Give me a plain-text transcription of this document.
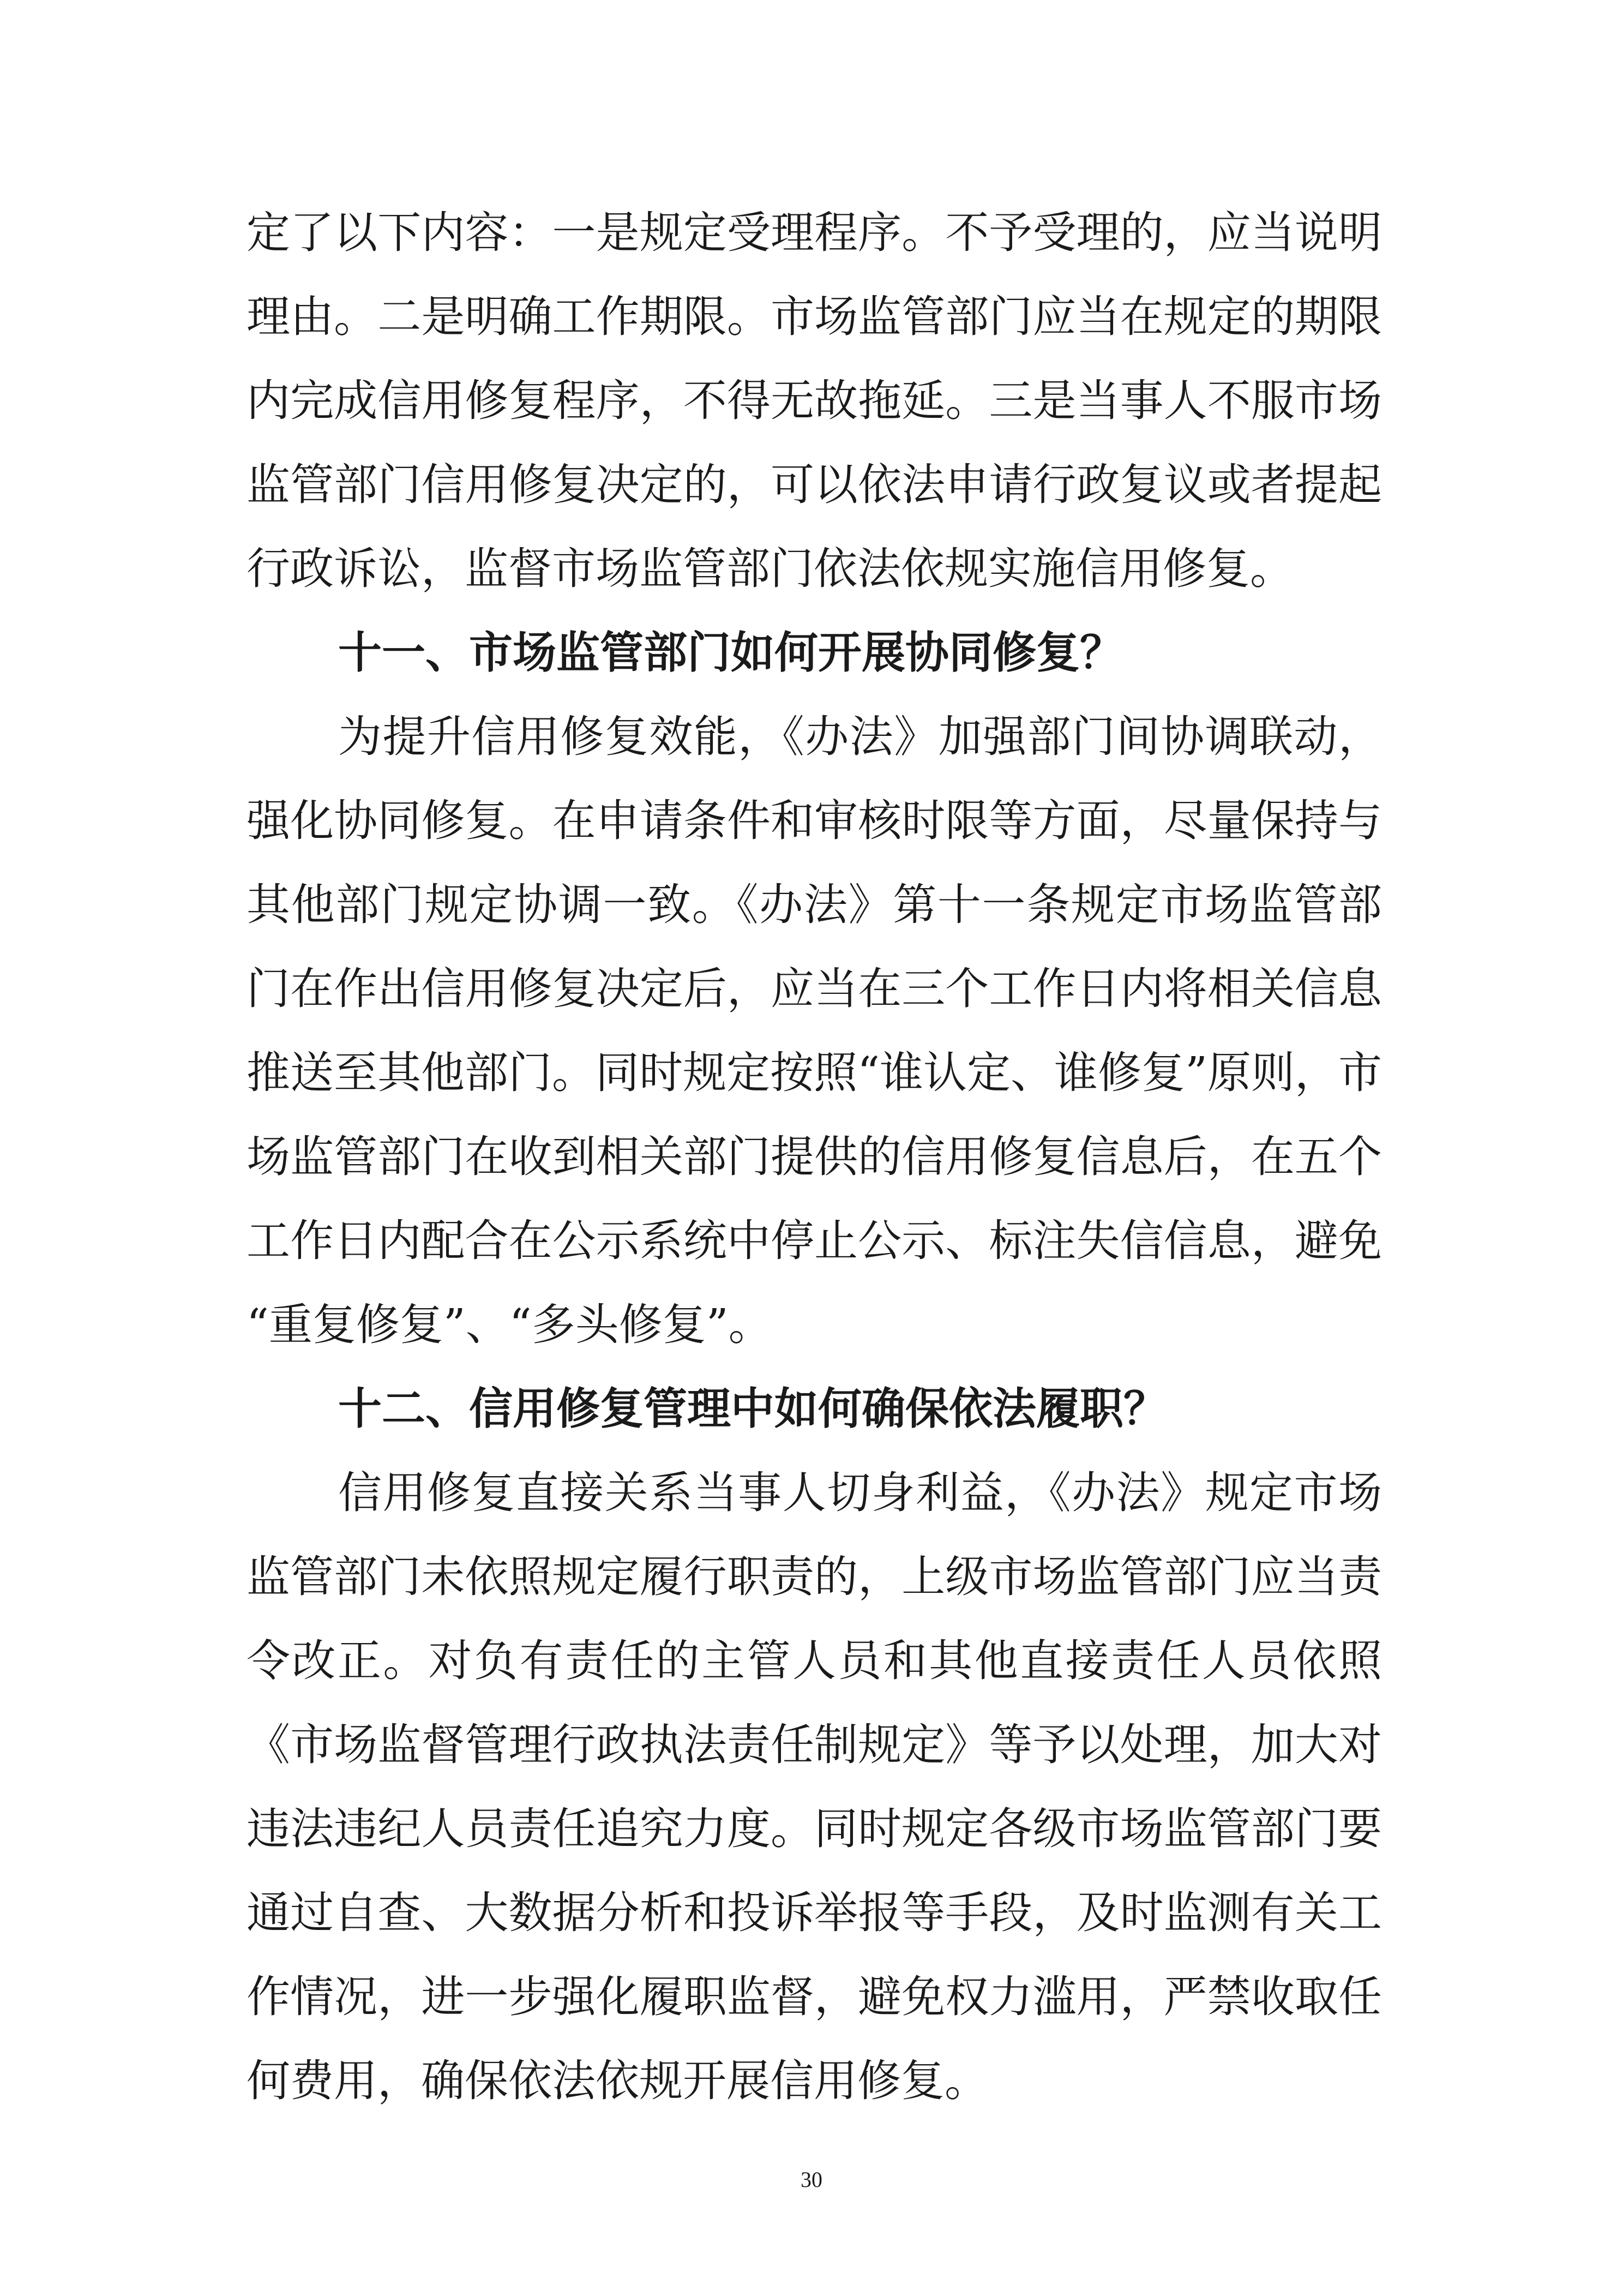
定了以下内容：一是规定受理程序。不予受理的，应当说明
理由。二是明确工作期限。市场监管部门应当在规定的期限
内完成信用修复程序，不得无故拖延。三是当事人不服市场
监管部门信用修复决定的，可以依法申请行政复议或者提起
行政诉讼，监督市场监管部门依法依规实施信用修复。
十一、市场监管部门如何开展协同修复？
为提升信用修复效能，《办法》加强部门间协调联动，
强化协同修复。在申请条件和审核时限等方面，尽量保持与
其他部门规定协调一致。《办法》第十一条规定市场监管部
门在作出信用修复决定后，应当在三个工作日内将相关信息
推送至其他部门。同时规定按照“谁认定、谁修复”原则，市
场监管部门在收到相关部门提供的信用修复信息后，在五个
工作日内配合在公示系统中停止公示、标注失信信息，避免
“重复修复”、“多头修复”。
十二、信用修复管理中如何确保依法履职？
信用修复直接关系当事人切身利益，《办法》规定市场
监管部门未依照规定履行职责的，上级市场监管部门应当责
令改正。对负有责任的主管人员和其他直接责任人员依照
《市场监督管理行政执法责任制规定》等予以处理，加大对
违法违纪人员责任追究力度。同时规定各级市场监管部门要
通过自查、大数据分析和投诉举报等手段，及时监测有关工
作情况，进一步强化履职监督，避免权力滥用，严禁收取任
何费用，确保依法依规开展信用修复。
30
